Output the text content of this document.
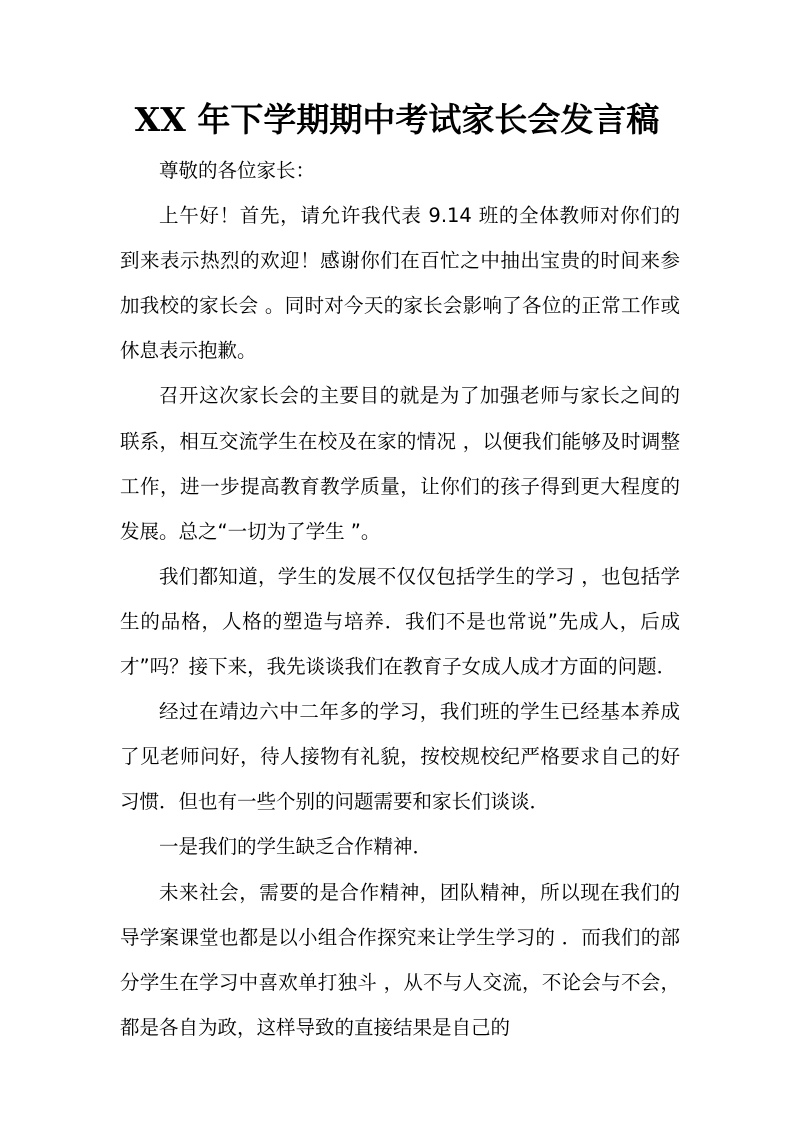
XX 年下学期期中考试家长会发言稿

尊敬的各位家长：

上午好！首先，请允许我代表 9.14 班的全体教师对你们的到来表示热烈的欢迎！感谢你们在百忙之中抽出宝贵的时间来参加我校的家长会 。同时对今天的家长会影响了各位的正常工作或休息表示抱歉。

召开这次家长会的主要目的就是为了加强老师与家长之间的联系，相互交流学生在校及在家的情况 ，以便我们能够及时调整工作，进一步提高教育教学质量，让你们的孩子得到更大程度的发展。总之“一切为了学生 ”。

我们都知道，学生的发展不仅仅包括学生的学习 ，也包括学生的品格，人格的塑造与培养．我们不是也常说”先成人，后成才”吗？接下来，我先谈谈我们在教育子女成人成才方面的问题．

经过在靖边六中二年多的学习，我们班的学生已经基本养成了见老师问好，待人接物有礼貌，按校规校纪严格要求自己的好习惯．但也有一些个别的问题需要和家长们谈谈．

一是我们的学生缺乏合作精神．

未来社会，需要的是合作精神，团队精神，所以现在我们的导学案课堂也都是以小组合作探究来让学生学习的 ．而我们的部分学生在学习中喜欢单打独斗 ，从不与人交流，不论会与不会，都是各自为政，这样导致的直接结果是自己的
